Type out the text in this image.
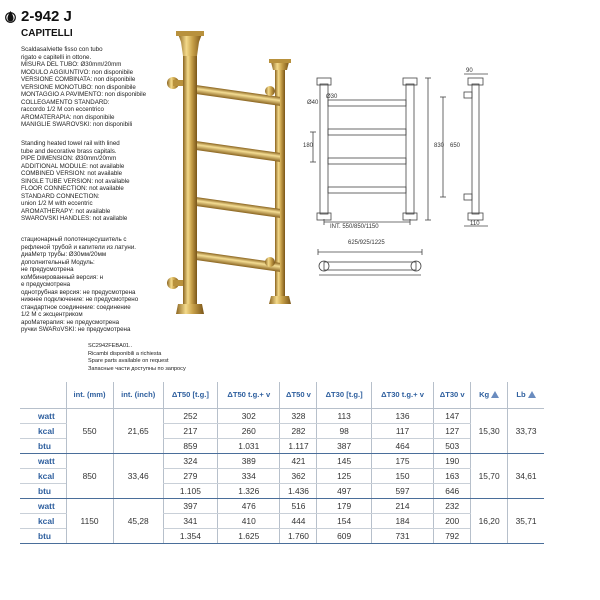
2-942 J
CAPITELLI
Scaldasalviette fisso con tubo
rigato e capitelli in ottone.
MISURA DEL TUBO: Ø30mm/20mm
MODULO AGGIUNTIVO: non disponibile
VERSIONE COMBINATA: non disponibile
VERSIONE MONOTUBO: non disponibile
MONTAGGIO A PAVIMENTO: non disponibile
COLLEGAMENTO STANDARD:
raccordo 1/2 M con eccentrico
AROMATERAPIA: non disponibile
MANIGLIE SWAROVSKI: non disponibili
Standing heated towel rail with lined
tube and decorative brass capitals.
PIPE DIMENSION: Ø30mm/20mm
ADDITIONAL MODULE: not available
COMBINED VERSION: not available
SINGLE TUBE VERSION: not available
FLOOR CONNECTION: not available
STANDARD CONNECTION:
union 1/2 M with eccentric
AROMATHERAPY: not available
SWAROVSKI HANDLES: not available
стационарный полотенцесушитель с
рефленой трубой и капители из латуни.
диаМетр трубы: Ø30мм/20мм
дополнительный Модуль:
не предусмотрена
коМбинированный версия: н
е предусмотрена
однотрубная версия: не предусмотрена
нижнее подключение: не предусмотрено
стандартное соединение: соединение
1/2 M с эксцентриком
ароМатерапия: не предусмотрена
ручки SWARoVSKI: не предусмотрена
Ø40
Ø30
180	830 650
INT. 550/850/1150
90
110
625/925/1225
SC2942FEBA01..
Ricambi disponibili a richiesta
Spare parts available on request
Запасные части доступны по запросу
	int. (mm)	int. (inch)	ΔT50 [t.g.]	ΔT50 t.g.+ v	ΔT50 v	ΔT30 [t.g.]	ΔT30 t.g.+ v	ΔT30 v	Kg	Lb
watt	550	21,65	252	302	328	113	136	147	15,30	33,73
kcal			217	260	282	98	117	127		
btu			859	1.031	1.117	387	464	503		
watt	850	33,46	324	389	421	145	175	190	15,70	34,61
kcal			279	334	362	125	150	163		
btu			1.105	1.326	1.436	497	597	646		
watt	1150	45,28	397	476	516	179	214	232	16,20	35,71
kcal			341	410	444	154	184	200		
btu			1.354	1.625	1.760	609	731	792		
